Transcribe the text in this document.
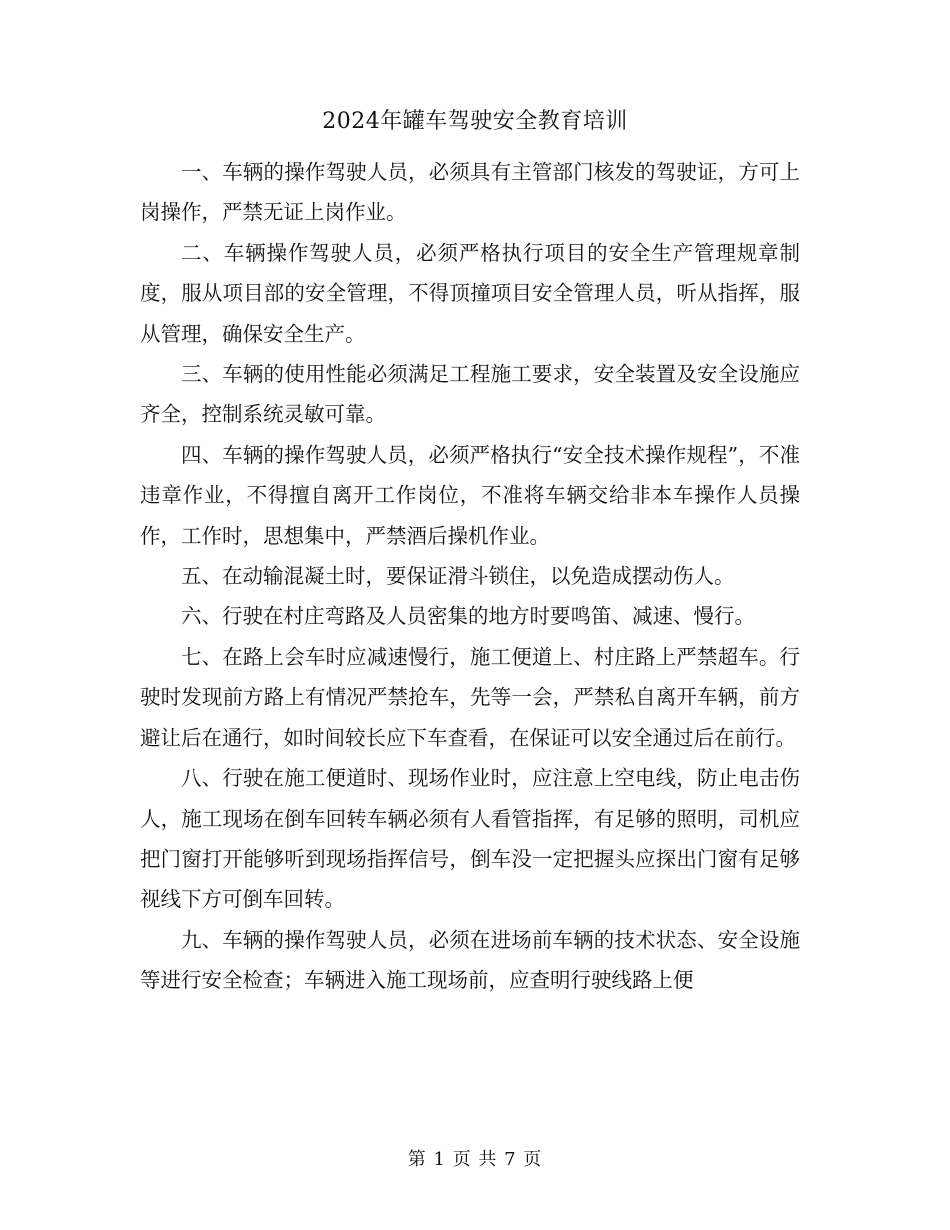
2024年罐车驾驶安全教育培训

一、车辆的操作驾驶人员，必须具有主管部门核发的驾驶证，方可上岗操作，严禁无证上岗作业。

二、车辆操作驾驶人员，必须严格执行项目的安全生产管理规章制度，服从项目部的安全管理，不得顶撞项目安全管理人员，听从指挥，服从管理，确保安全生产。

三、车辆的使用性能必须满足工程施工要求，安全装置及安全设施应齐全，控制系统灵敏可靠。

四、车辆的操作驾驶人员，必须严格执行“安全技术操作规程”，不准违章作业，不得擅自离开工作岗位，不准将车辆交给非本车操作人员操作，工作时，思想集中，严禁酒后操机作业。

五、在动输混凝土时，要保证滑斗锁住，以免造成摆动伤人。

六、行驶在村庄弯路及人员密集的地方时要鸣笛、减速、慢行。

七、在路上会车时应减速慢行，施工便道上、村庄路上严禁超车。行驶时发现前方路上有情况严禁抢车，先等一会，严禁私自离开车辆，前方避让后在通行，如时间较长应下车查看，在保证可以安全通过后在前行。

八、行驶在施工便道时、现场作业时，应注意上空电线，防止电击伤人，施工现场在倒车回转车辆必须有人看管指挥，有足够的照明，司机应把门窗打开能够听到现场指挥信号，倒车没一定把握头应探出门窗有足够视线下方可倒车回转。

九、车辆的操作驾驶人员，必须在进场前车辆的技术状态、安全设施等进行安全检查；车辆进入施工现场前，应查明行驶线路上便

第 1 页 共 7 页
